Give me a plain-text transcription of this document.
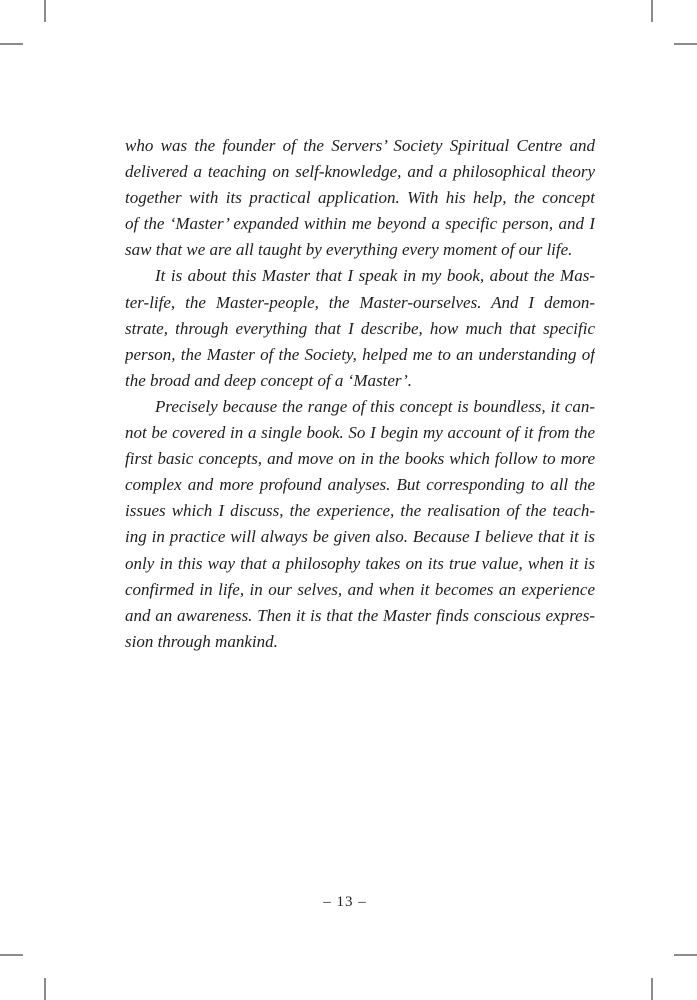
who was the founder of the Servers’ Society Spiritual Centre and
delivered a teaching on self-knowledge, and a philosophical theory
together with its practical application. With his help, the concept
of the ‘Master’ expanded within me beyond a specific person, and I
saw that we are all taught by everything every moment of our life.
It is about this Master that I speak in my book, about the Mas-
ter-life, the Master-people, the Master-ourselves. And I demon-
strate, through everything that I describe, how much that specific
person, the Master of the Society, helped me to an understanding of
the broad and deep concept of a ‘Master’.
Precisely because the range of this concept is boundless, it can-
not be covered in a single book. So I begin my account of it from the
first basic concepts, and move on in the books which follow to more
complex and more profound analyses. But corresponding to all the
issues which I discuss, the experience, the realisation of the teach-
ing in practice will always be given also. Because I believe that it is
only in this way that a philosophy takes on its true value, when it is
confirmed in life, in our selves, and when it becomes an experience
and an awareness. Then it is that the Master finds conscious expres-
sion through mankind.
– 13 –
